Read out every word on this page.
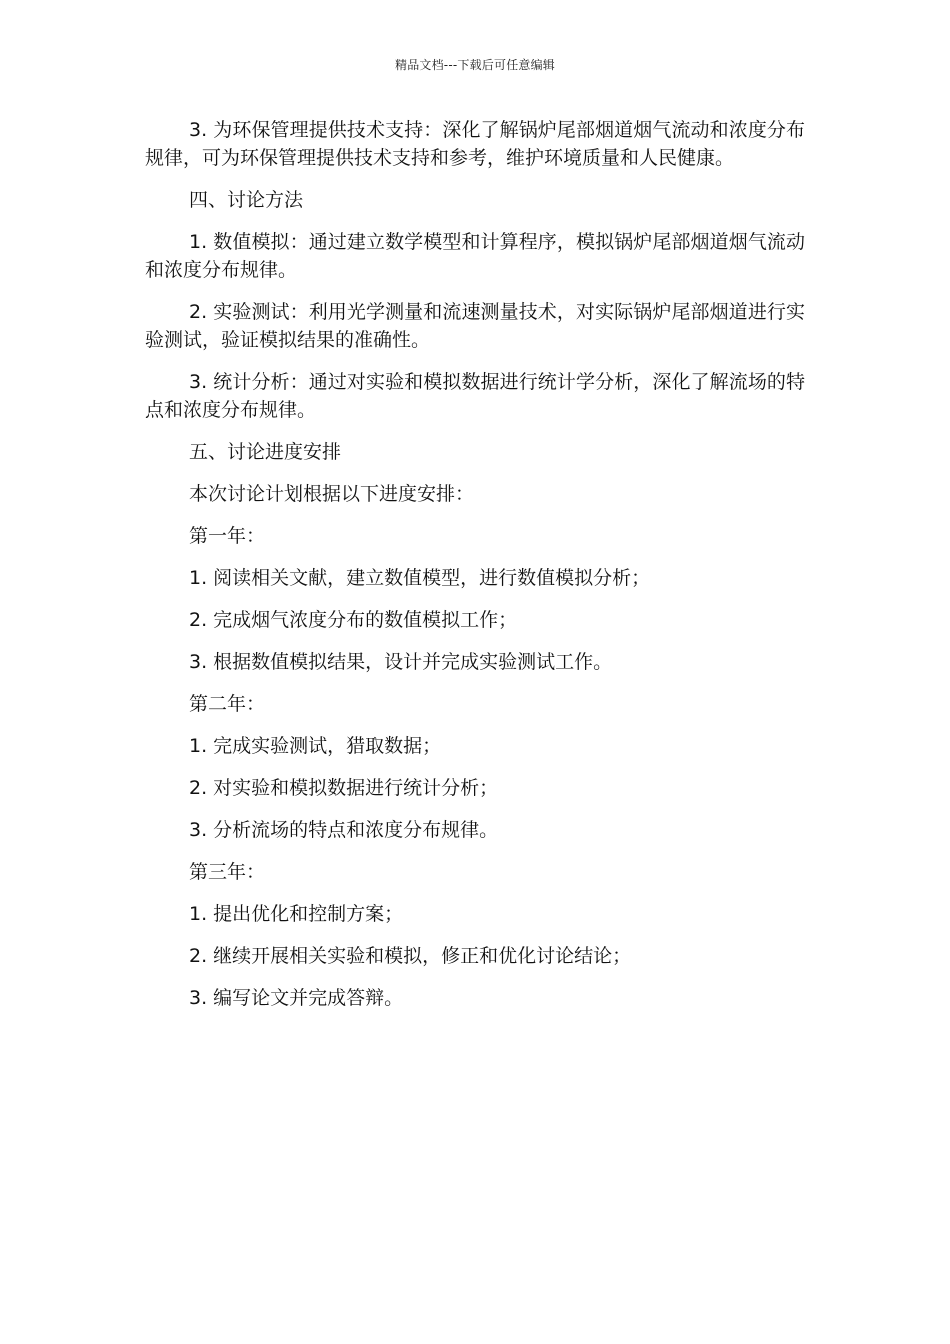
精品文档---下载后可任意编辑

3. 为环保管理提供技术支持：深化了解锅炉尾部烟道烟气流动和浓度分布规律，可为环保管理提供技术支持和参考，维护环境质量和人民健康。

四、讨论方法

1. 数值模拟：通过建立数学模型和计算程序，模拟锅炉尾部烟道烟气流动和浓度分布规律。

2. 实验测试：利用光学测量和流速测量技术，对实际锅炉尾部烟道进行实验测试，验证模拟结果的准确性。

3. 统计分析：通过对实验和模拟数据进行统计学分析，深化了解流场的特点和浓度分布规律。

五、讨论进度安排

本次讨论计划根据以下进度安排：

第一年：

1. 阅读相关文献，建立数值模型，进行数值模拟分析；

2. 完成烟气浓度分布的数值模拟工作；

3. 根据数值模拟结果，设计并完成实验测试工作。

第二年：

1. 完成实验测试，猎取数据；

2. 对实验和模拟数据进行统计分析；

3. 分析流场的特点和浓度分布规律。

第三年：

1. 提出优化和控制方案；

2. 继续开展相关实验和模拟，修正和优化讨论结论；

3. 编写论文并完成答辩。
